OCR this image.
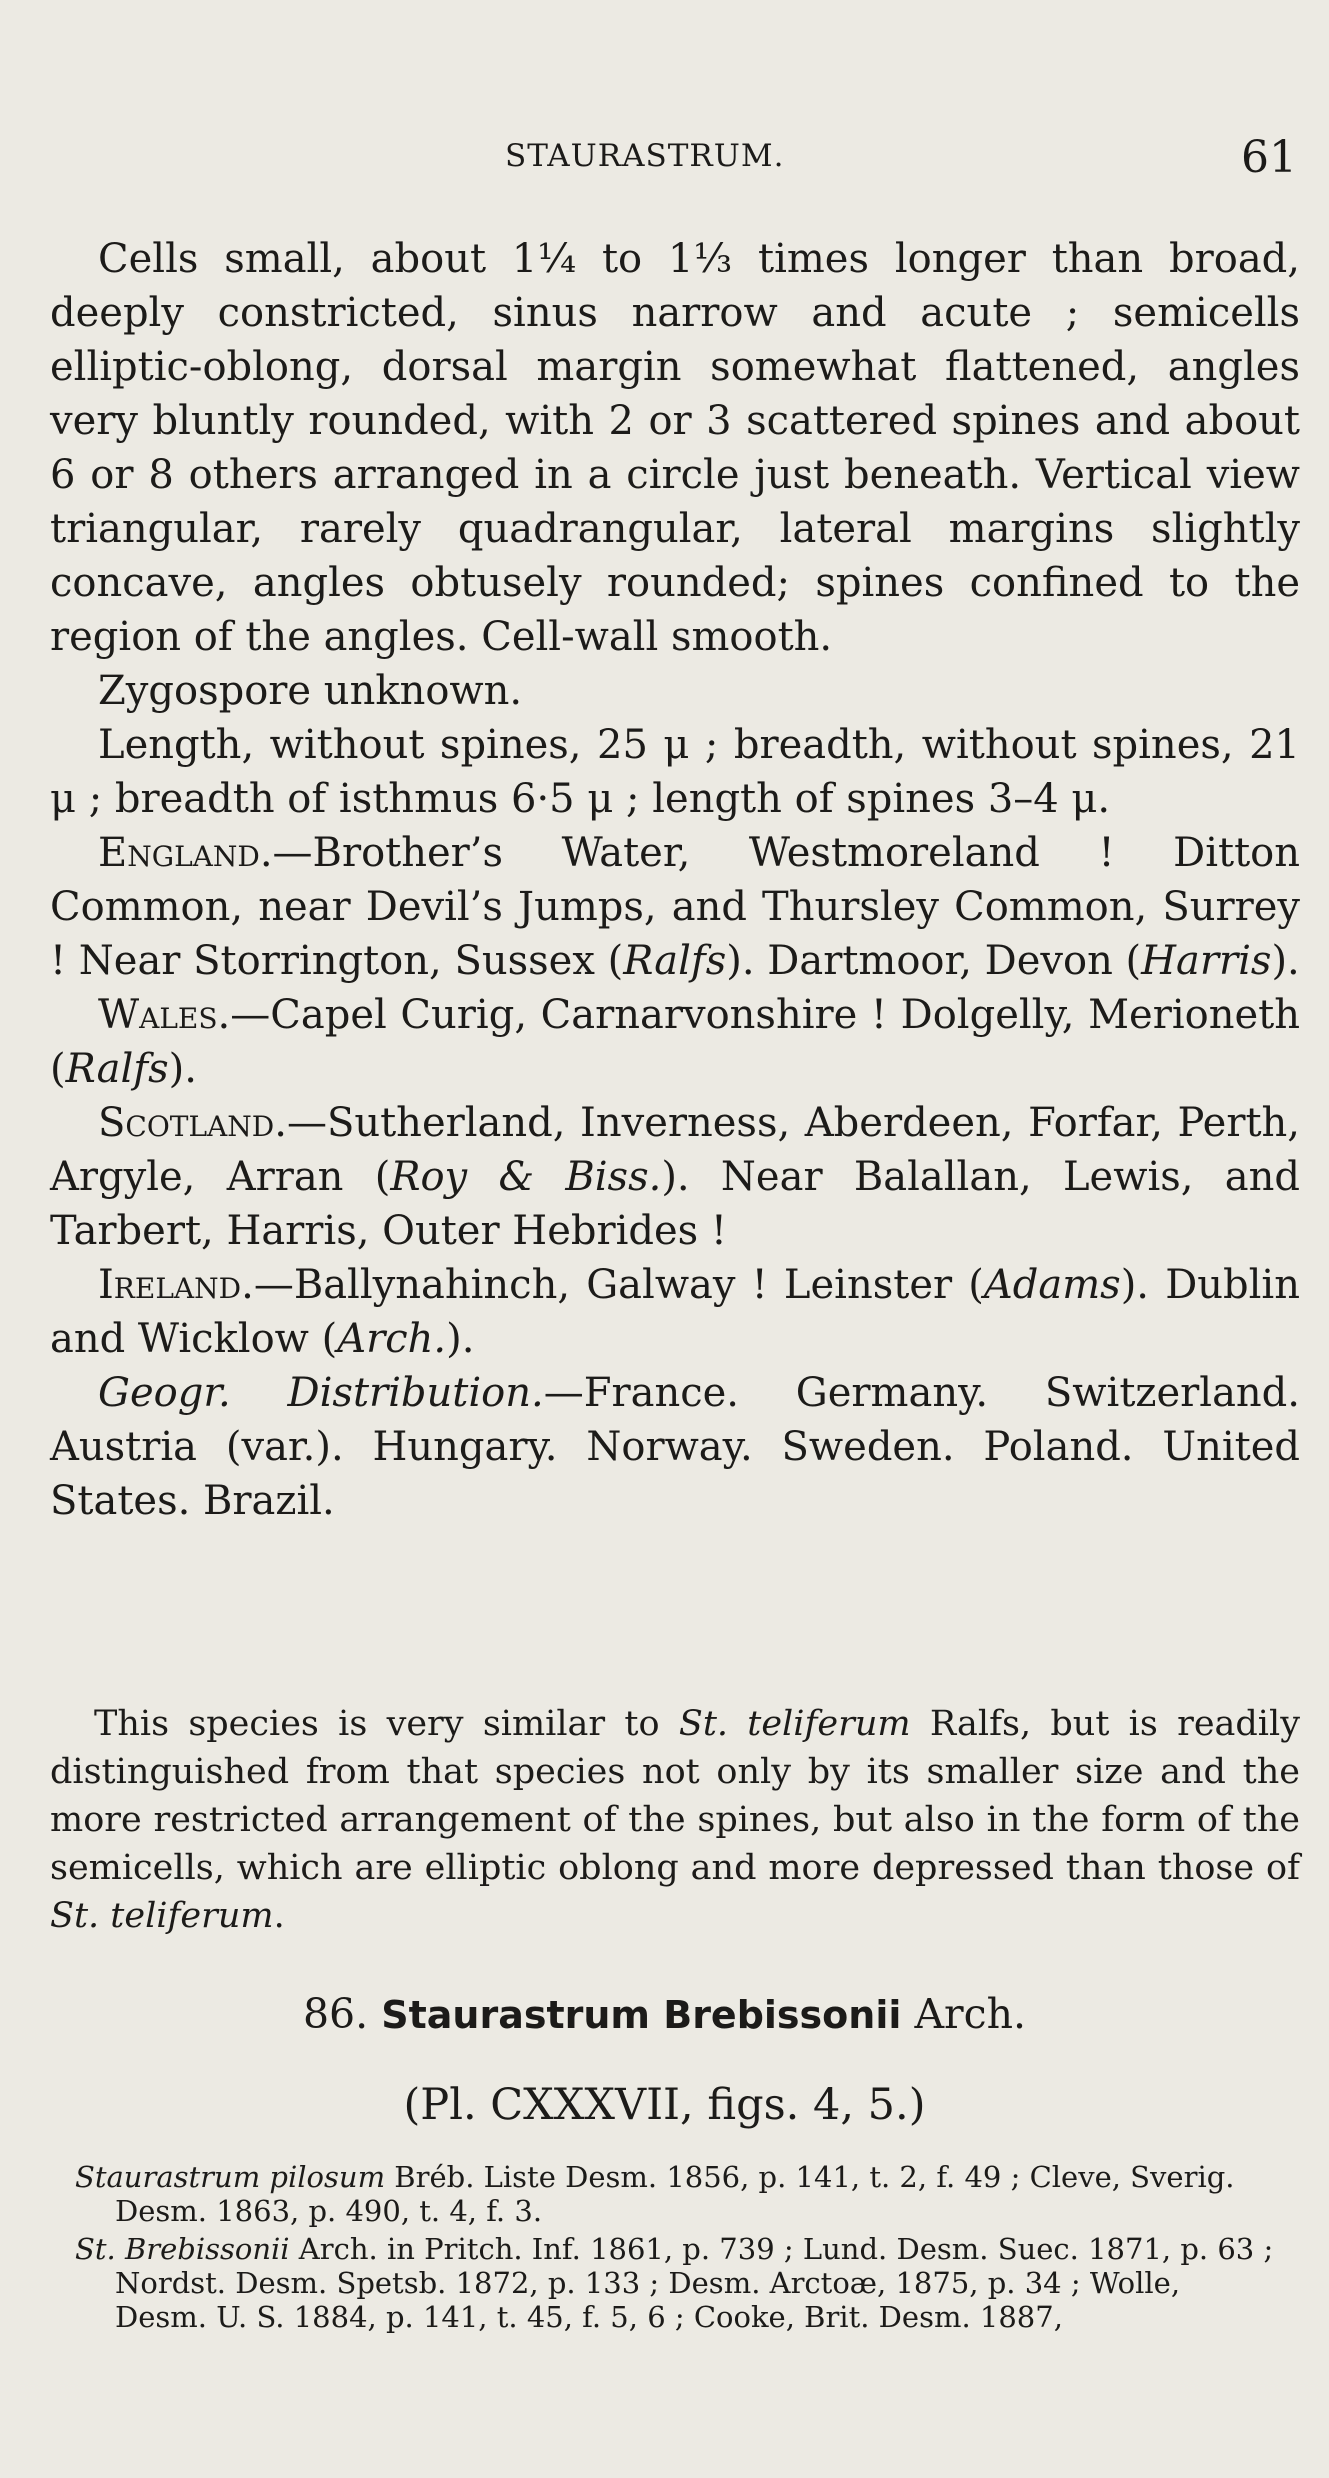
STAURASTRUM.	61

Cells small, about 1¼ to 1⅓ times longer than broad, deeply constricted, sinus narrow and acute ; semicells elliptic-oblong, dorsal margin somewhat flattened, angles very bluntly rounded, with 2 or 3 scattered spines and about 6 or 8 others arranged in a circle just beneath. Vertical view triangular, rarely quadrangular, lateral margins slightly concave, angles obtusely rounded; spines confined to the region of the angles. Cell-wall smooth.

Zygospore unknown.

Length, without spines, 25 μ ; breadth, without spines, 21 μ ; breadth of isthmus 6·5 μ ; length of spines 3–4 μ.

England.—Brother’s Water, Westmoreland ! Ditton Common, near Devil’s Jumps, and Thursley Common, Surrey ! Near Storrington, Sussex (Ralfs). Dartmoor, Devon (Harris).

Wales.—Capel Curig, Carnarvonshire ! Dolgelly, Merioneth (Ralfs).

Scotland.—Sutherland, Inverness, Aberdeen, Forfar, Perth, Argyle, Arran (Roy & Biss.). Near Balallan, Lewis, and Tarbert, Harris, Outer Hebrides !

Ireland.—Ballynahinch, Galway ! Leinster (Adams). Dublin and Wicklow (Arch.).

Geogr. Distribution.—France. Germany. Switzerland. Austria (var.). Hungary. Norway. Sweden. Poland. United States. Brazil.

This species is very similar to St. teliferum Ralfs, but is readily distinguished from that species not only by its smaller size and the more restricted arrangement of the spines, but also in the form of the semicells, which are elliptic oblong and more depressed than those of St. teliferum.

86. Staurastrum Brebissonii Arch.
(Pl. CXXXVII, figs. 4, 5.)

Staurastrum pilosum Bréb. Liste Desm. 1856, p. 141, t. 2, f. 49 ; Cleve, Sverig. Desm. 1863, p. 490, t. 4, f. 3.

St. Brebissonii Arch. in Pritch. Inf. 1861, p. 739 ; Lund. Desm. Suec. 1871, p. 63 ; Nordst. Desm. Spetsb. 1872, p. 133 ; Desm. Arctoæ, 1875, p. 34 ; Wolle, Desm. U. S. 1884, p. 141, t. 45, f. 5, 6 ; Cooke, Brit. Desm. 1887,
